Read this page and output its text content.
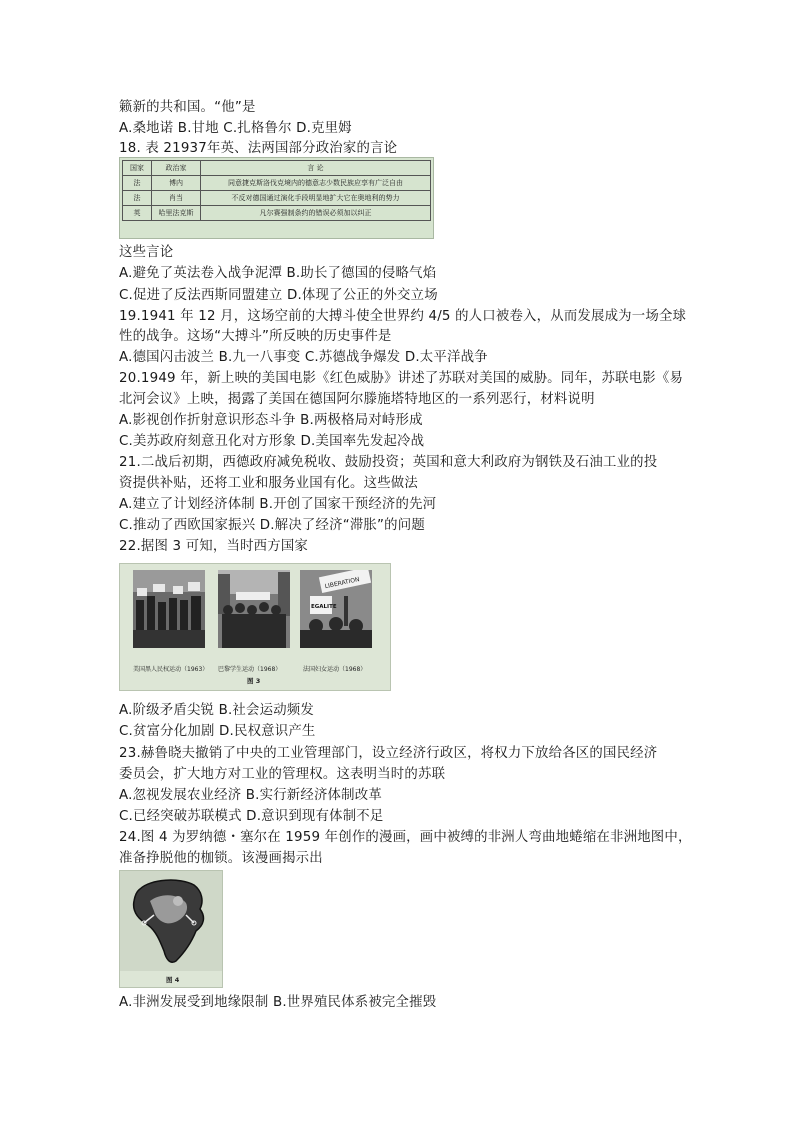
籁新的共和国。“他”是
A.桑地诺 B.甘地 C.扎格鲁尔 D.克里姆
18. 表 21937年英、法两国部分政治家的言论
国家	政治家	言 论
法	博内	同意捷克斯洛伐克境内的德意志少数民族应享有广泛自由
法	肖当	不反对德国通过演化手段明显地扩大它在奥地利的势力
英	哈里法克斯	凡尔赛强制条约的错误必须加以纠正
这些言论
A.避免了英法卷入战争泥潭 B.助长了德国的侵略气焰
C.促进了反法西斯同盟建立 D.体现了公正的外交立场
19.1941 年 12 月，这场空前的大搏斗使全世界约 4/5 的人口被卷入，从而发展成为一场全球
性的战争。这场“大搏斗”所反映的历史事件是
A.德国闪击波兰 B.九一八事变 C.苏德战争爆发 D.太平洋战争
20.1949 年，新上映的美国电影《红色威胁》讲述了苏联对美国的威胁。同年，苏联电影《易
北河会议》上映，揭露了美国在德国阿尔滕施塔特地区的一系列恶行，材料说明
A.影视创作折射意识形态斗争 B.两极格局对峙形成
C.美苏政府刻意丑化对方形象 D.美国率先发起冷战
21.二战后初期，西德政府减免税收、鼓励投资；英国和意大利政府为钢铁及石油工业的投
资提供补贴，还将工业和服务业国有化。这些做法
A.建立了计划经济体制 B.开创了国家干预经济的先河
C.推动了西欧国家振兴 D.解决了经济“滞胀”的问题
22.据图 3 可知，当时西方国家
LIBERATION
EGALITE
美国黑人民权运动（1963） 巴黎学生运动（1968）	法国妇女运动（1968）
图 3
A.阶级矛盾尖锐 B.社会运动频发
C.贫富分化加剧 D.民权意识产生
23.赫鲁晓夫撤销了中央的工业管理部门，设立经济行政区，将权力下放给各区的国民经济
委员会，扩大地方对工业的管理权。这表明当时的苏联
A.忽视发展农业经济 B.实行新经济体制改革
C.已经突破苏联模式 D.意识到现有体制不足
24.图 4 为罗纳德・塞尔在 1959 年创作的漫画，画中被缚的非洲人弯曲地蜷缩在非洲地图中，
准备挣脱他的枷锁。该漫画揭示出
图 4
A.非洲发展受到地缘限制 B.世界殖民体系被完全摧毁
